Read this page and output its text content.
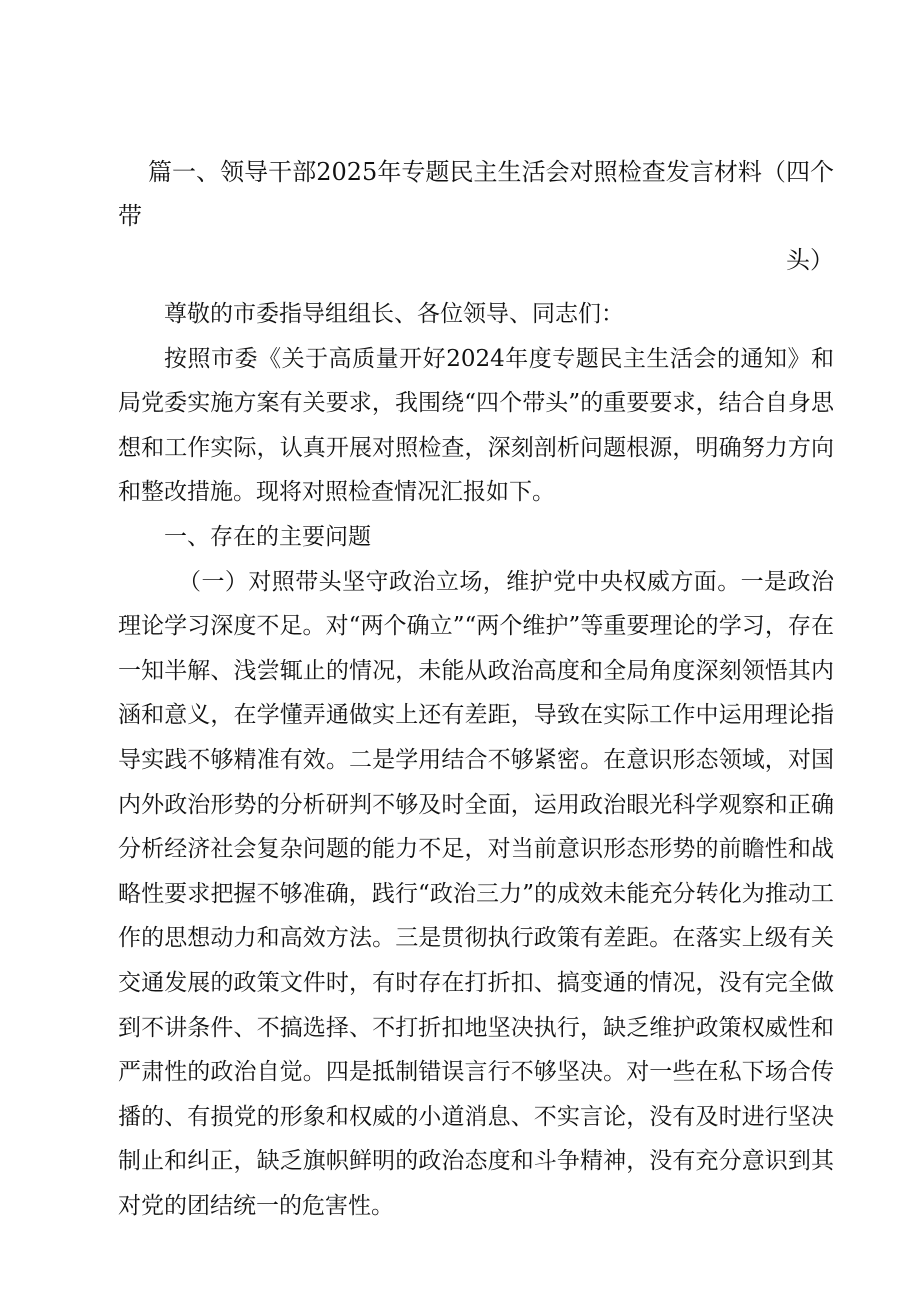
篇一、领导干部2025年专题民主生活会对照检查发言材料（四个带
头）

尊敬的市委指导组组长、各位领导、同志们：

按照市委《关于高质量开好2024年度专题民主生活会的通知》和局党委实施方案有关要求，我围绕“四个带头”的重要要求，结合自身思想和工作实际，认真开展对照检查，深刻剖析问题根源，明确努力方向和整改措施。现将对照检查情况汇报如下。

一、存在的主要问题

（一）对照带头坚守政治立场，维护党中央权威方面。一是政治理论学习深度不足。对“两个确立”“两个维护”等重要理论的学习，存在一知半解、浅尝辄止的情况，未能从政治高度和全局角度深刻领悟其内涵和意义，在学懂弄通做实上还有差距，导致在实际工作中运用理论指导实践不够精准有效。二是学用结合不够紧密。在意识形态领域，对国内外政治形势的分析研判不够及时全面，运用政治眼光科学观察和正确分析经济社会复杂问题的能力不足，对当前意识形态形势的前瞻性和战略性要求把握不够准确，践行“政治三力”的成效未能充分转化为推动工作的思想动力和高效方法。三是贯彻执行政策有差距。在落实上级有关交通发展的政策文件时，有时存在打折扣、搞变通的情况，没有完全做到不讲条件、不搞选择、不打折扣地坚决执行，缺乏维护政策权威性和严肃性的政治自觉。四是抵制错误言行不够坚决。对一些在私下场合传播的、有损党的形象和权威的小道消息、不实言论，没有及时进行坚决制止和纠正，缺乏旗帜鲜明的政治态度和斗争精神，没有充分意识到其对党的团结统一的危害性。
